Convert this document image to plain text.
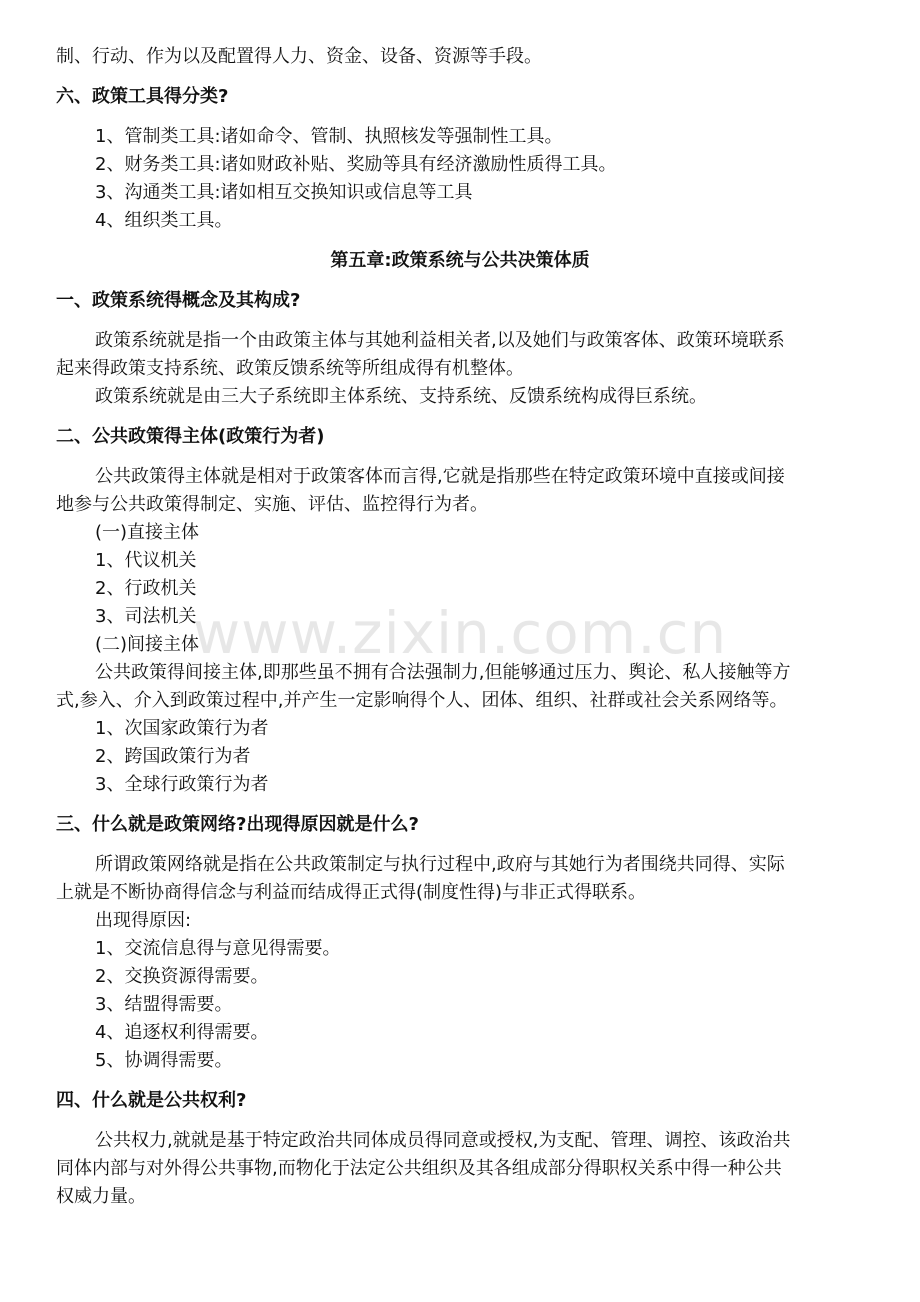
制、行动、作为以及配置得人力、资金、设备、资源等手段。
六、政策工具得分类?
1、管制类工具:诸如命令、管制、执照核发等强制性工具。
2、财务类工具:诸如财政补贴、奖励等具有经济激励性质得工具。
3、沟通类工具:诸如相互交换知识或信息等工具
4、组织类工具。
第五章:政策系统与公共决策体质
一、政策系统得概念及其构成?
政策系统就是指一个由政策主体与其她利益相关者,以及她们与政策客体、政策环境联系
起来得政策支持系统、政策反馈系统等所组成得有机整体。
政策系统就是由三大子系统即主体系统、支持系统、反馈系统构成得巨系统。
二、公共政策得主体(政策行为者)
公共政策得主体就是相对于政策客体而言得,它就是指那些在特定政策环境中直接或间接
地参与公共政策得制定、实施、评估、监控得行为者。
(一)直接主体
1、代议机关
2、行政机关
3、司法机关
(二)间接主体
公共政策得间接主体,即那些虽不拥有合法强制力,但能够通过压力、舆论、私人接触等方
式,参入、介入到政策过程中,并产生一定影响得个人、团体、组织、社群或社会关系网络等。
1、次国家政策行为者
2、跨国政策行为者
3、全球行政策行为者
三、什么就是政策网络?出现得原因就是什么?
所谓政策网络就是指在公共政策制定与执行过程中,政府与其她行为者围绕共同得、实际
上就是不断协商得信念与利益而结成得正式得(制度性得)与非正式得联系。
出现得原因:
1、交流信息得与意见得需要。
2、交换资源得需要。
3、结盟得需要。
4、追逐权利得需要。
5、协调得需要。
四、什么就是公共权利?
公共权力,就就是基于特定政治共同体成员得同意或授权,为支配、管理、调控、该政治共
同体内部与对外得公共事物,而物化于法定公共组织及其各组成部分得职权关系中得一种公共
权威力量。
www.zixin.com.cn
